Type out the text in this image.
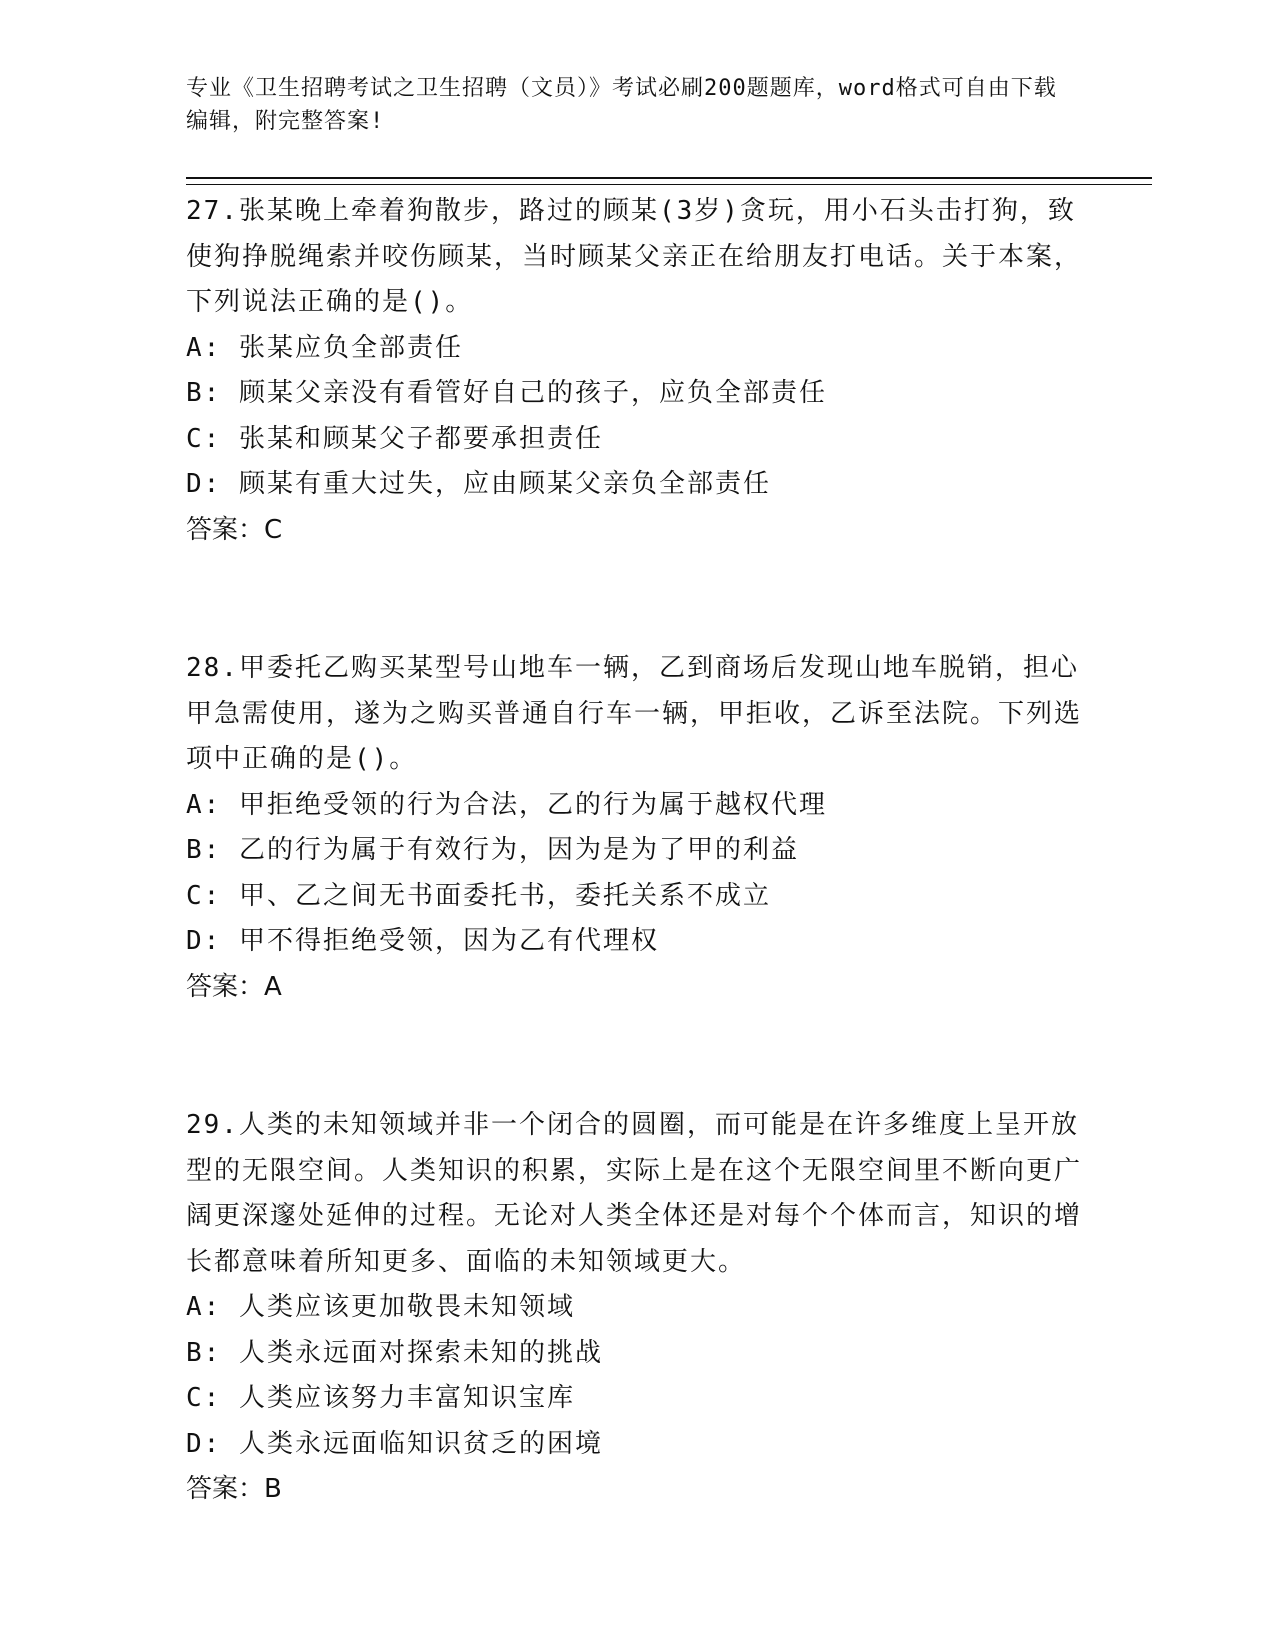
专业《卫生招聘考试之卫生招聘（文员）》考试必刷200题题库，word格式可自由下载编辑，附完整答案!

27.张某晚上牵着狗散步，路过的顾某(3岁)贪玩，用小石头击打狗，致使狗挣脱绳索并咬伤顾某，当时顾某父亲正在给朋友打电话。关于本案，下列说法正确的是()。

A: 张某应负全部责任

B: 顾某父亲没有看管好自己的孩子，应负全部责任

C: 张某和顾某父子都要承担责任

D: 顾某有重大过失，应由顾某父亲负全部责任

答案：C

28.甲委托乙购买某型号山地车一辆，乙到商场后发现山地车脱销，担心甲急需使用，遂为之购买普通自行车一辆，甲拒收，乙诉至法院。下列选项中正确的是()。

A: 甲拒绝受领的行为合法，乙的行为属于越权代理

B: 乙的行为属于有效行为，因为是为了甲的利益

C: 甲、乙之间无书面委托书，委托关系不成立

D: 甲不得拒绝受领，因为乙有代理权

答案：A

29.人类的未知领域并非一个闭合的圆圈，而可能是在许多维度上呈开放型的无限空间。人类知识的积累，实际上是在这个无限空间里不断向更广阔更深邃处延伸的过程。无论对人类全体还是对每个个体而言，知识的增长都意味着所知更多、面临的未知领域更大。

A: 人类应该更加敬畏未知领域

B: 人类永远面对探索未知的挑战

C: 人类应该努力丰富知识宝库

D: 人类永远面临知识贫乏的困境

答案：B
